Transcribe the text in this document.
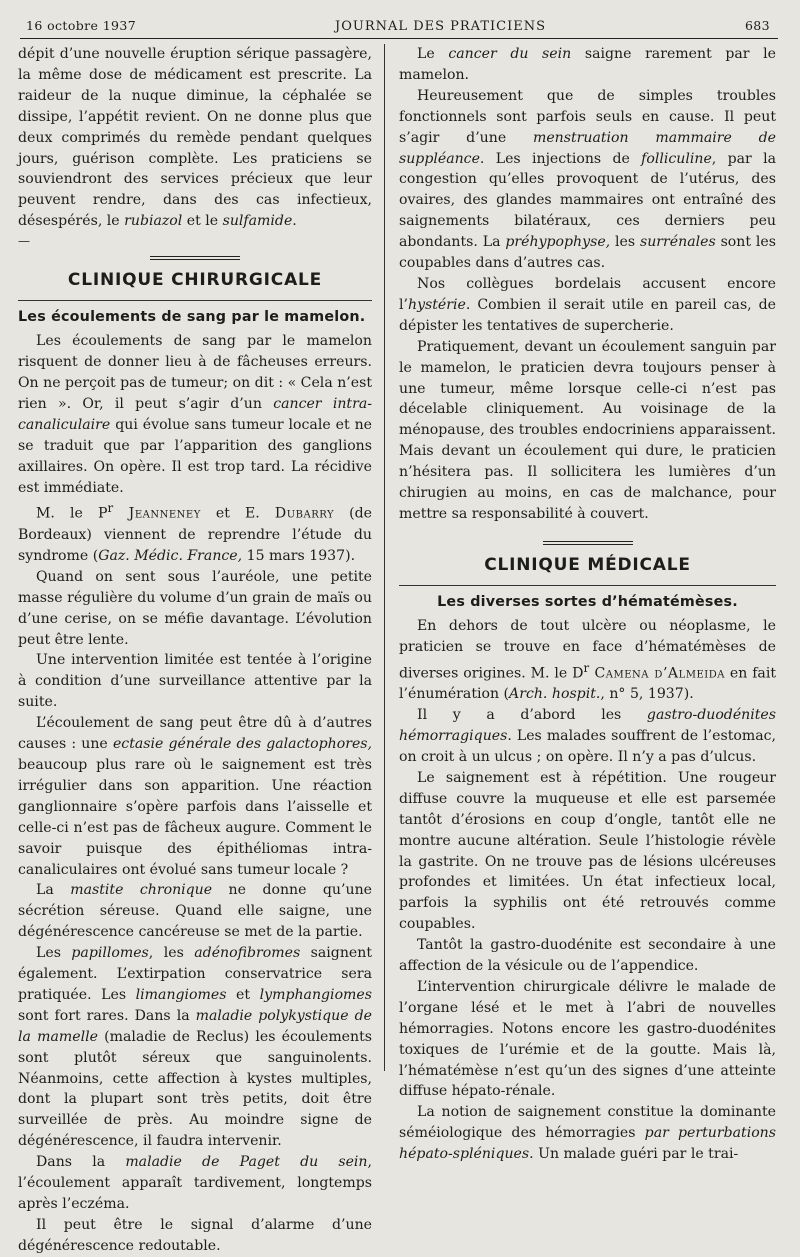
16 octobre 1937	JOURNAL DES PRATICIENS	683

dépit d’une nouvelle éruption sérique passagère, la même dose de médicament est prescrite. La raideur de la nuque diminue, la céphalée se dissipe, l’appétit revient. On ne donne plus que deux comprimés du remède pendant quelques jours, guérison complète. Les praticiens se souviendront des services précieux que leur peuvent rendre, dans des cas infectieux, désespérés, le rubiazol et le sulfamide.

—
CLINIQUE CHIRURGICALE
Les écoulements de sang par le mamelon.

Les écoulements de sang par le mamelon risquent de donner lieu à de fâcheuses erreurs. On ne perçoit pas de tumeur; on dit : « Cela n’est rien ». Or, il peut s’agir d’un cancer intra-canaliculaire qui évolue sans tumeur locale et ne se traduit que par l’apparition des ganglions axillaires. On opère. Il est trop tard. La récidive est immédiate.

M. le $P^r$ Jeanneney et E. Dubarry (de Bordeaux) viennent de reprendre l’étude du syndrome (Gaz. Médic. France, 15 mars 1937).

Quand on sent sous l’auréole, une petite masse régulière du volume d’un grain de maïs ou d’une cerise, on se méfie davantage. L’évolution peut être lente.

Une intervention limitée est tentée à l’origine à condition d’une surveillance attentive par la suite.

L’écoulement de sang peut être dû à d’autres causes : une ectasie générale des galactophores, beaucoup plus rare où le saignement est très irrégulier dans son apparition. Une réaction ganglionnaire s’opère parfois dans l’aisselle et celle-ci n’est pas de fâcheux augure. Comment le savoir puisque des épithéliomas intra-canaliculaires ont évolué sans tumeur locale ?

La mastite chronique ne donne qu’une sécrétion séreuse. Quand elle saigne, une dégénérescence cancéreuse se met de la partie.

Les papillomes, les adénofibromes saignent également. L’extirpation conservatrice sera pratiquée. Les limangiomes et lymphangiomes sont fort rares. Dans la maladie polykystique de la mamelle (maladie de Reclus) les écoulements sont plutôt séreux que sanguinolents. Néanmoins, cette affection à kystes multiples, dont la plupart sont très petits, doit être surveillée de près. Au moindre signe de dégénérescence, il faudra intervenir.

Dans la maladie de Paget du sein, l’écoulement apparaît tardivement, longtemps après l’eczéma.

Il peut être le signal d’alarme d’une dégénérescence redoutable.

Le cancer du sein saigne rarement par le mamelon.

Heureusement que de simples troubles fonctionnels sont parfois seuls en cause. Il peut s’agir d’une menstruation mammaire de suppléance. Les injections de folliculine, par la congestion qu’elles provoquent de l’utérus, des ovaires, des glandes mammaires ont entraîné des saignements bilatéraux, ces derniers peu abondants. La préhypophyse, les surrénales sont les coupables dans d’autres cas.

Nos collègues bordelais accusent encore l’hystérie. Combien il serait utile en pareil cas, de dépister les tentatives de supercherie.

Pratiquement, devant un écoulement sanguin par le mamelon, le praticien devra toujours penser à une tumeur, même lorsque celle-ci n’est pas décelable cliniquement. Au voisinage de la ménopause, des troubles endocriniens apparaissent. Mais devant un écoulement qui dure, le praticien n’hésitera pas. Il sollicitera les lumières d’un chirugien au moins, en cas de malchance, pour mettre sa responsabilité à couvert.

CLINIQUE MÉDICALE
Les diverses sortes d’hématémèses.

En dehors de tout ulcère ou néoplasme, le praticien se trouve en face d’hématémèses de diverses origines. M. le $D^r$ Camena d’Almeida en fait l’énumération (Arch. hospit., n° 5, 1937).

Il y a d’abord les gastro-duodénites hémorragiques. Les malades souffrent de l’estomac, on croit à un ulcus ; on opère. Il n’y a pas d’ulcus.

Le saignement est à répétition. Une rougeur diffuse couvre la muqueuse et elle est parsemée tantôt d’érosions en coup d’ongle, tantôt elle ne montre aucune altération. Seule l’histologie révèle la gastrite. On ne trouve pas de lésions ulcéreuses profondes et limitées. Un état infectieux local, parfois la syphilis ont été retrouvés comme coupables.

Tantôt la gastro-duodénite est secondaire à une affection de la vésicule ou de l’appendice.

L’intervention chirurgicale délivre le malade de l’organe lésé et le met à l’abri de nouvelles hémorragies. Notons encore les gastro-duodénites toxiques de l’urémie et de la goutte. Mais là, l’hématémèse n’est qu’un des signes d’une atteinte diffuse hépato-rénale.

La notion de saignement constitue la dominante séméiologique des hémorragies par perturbations hépato-spléniques. Un malade guéri par le trai-
